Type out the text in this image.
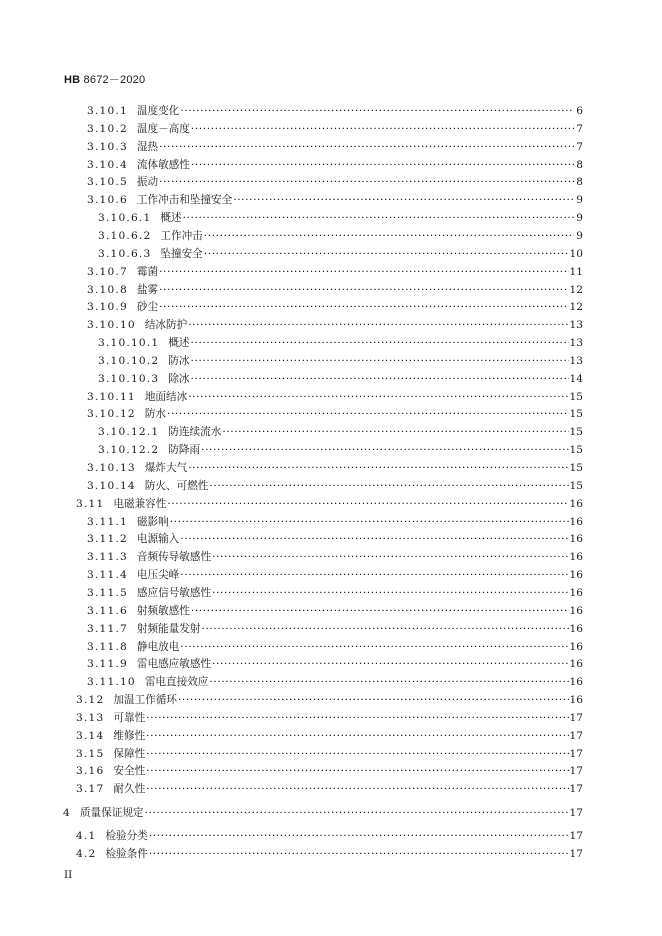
HB 8672－2020
3.10.1 温度变化 ·····	6
3.10.2 温度－高度 ·····	7
3.10.3 湿热 ·····	7
3.10.4 流体敏感性 ·····	8
3.10.5 振动 ·····	8
3.10.6 工作冲击和坠撞安全 ·····	9
3.10.6.1 概述 ·····	9
3.10.6.2 工作冲击 ·····	9
3.10.6.3 坠撞安全 ·····	10
3.10.7 霉菌 ·····	11
3.10.8 盐雾 ·····	12
3.10.9 砂尘 ·····	12
3.10.10 结冰防护 ·····	13
3.10.10.1 概述 ·····	13
3.10.10.2 防冰 ·····	13
3.10.10.3 除冰 ·····	14
3.10.11 地面结冰 ·····	15
3.10.12 防水 ·····	15
3.10.12.1 防连续流水 ·····	15
3.10.12.2 防降雨 ·····	15
3.10.13 爆炸大气 ·····	15
3.10.14 防火、可燃性 ·····	15
3.11 电磁兼容性 ·····	16
3.11.1 磁影响 ·····	16
3.11.2 电源输入 ·····	16
3.11.3 音频传导敏感性 ·····	16
3.11.4 电压尖峰 ·····	16
3.11.5 感应信号敏感性 ·····	16
3.11.6 射频敏感性 ·····	16
3.11.7 射频能量发射 ·····	16
3.11.8 静电放电 ·····	16
3.11.9 雷电感应敏感性 ·····	16
3.11.10 雷电直接效应 ·····	16
3.12 加温工作循环 ·····	16
3.13 可靠性 ·····	17
3.14 维修性 ·····	17
3.15 保障性 ·····	17
3.16 安全性 ·····	17
3.17 耐久性 ·····	17
4 质量保证规定 ·····	17
4.1 检验分类 ·····	17
4.2 检验条件 ·····	17
II
